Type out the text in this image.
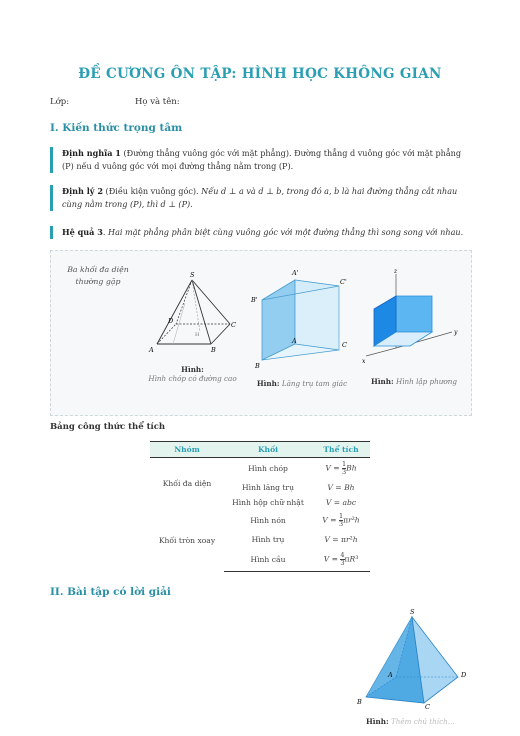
ĐỀ CƯƠNG ÔN TẬP: HÌNH HỌC KHÔNG GIAN
Lớp:	Họ và tên:
I. Kiến thức trọng tâm
Định nghĩa 1 (Đường thẳng vuông góc với mặt phẳng). Đường thẳng d vuông góc với mặt phẳng
(P) nếu d vuông góc với mọi đường thẳng nằm trong (P).
Định lý 2 (Điều kiện vuông góc). Nếu d ⊥ a và d ⊥ b, trong đó a, b là hai đường thẳng cắt nhau
cùng nằm trong (P), thì d ⊥ (P).
Hệ quả 3. Hai mặt phẳng phân biệt cùng vuông góc với một đường thẳng thì song song với nhau.
Ba khối đa diện
thường gặp
S
D	C
A	B
H
Hình:
Hình chóp có đường cao
A'
B'
C'
A
B
C
Hình: Lăng trụ tam giác
z
y
x
Hình: Hình lập phương
Bảng công thức thể tích
Nhóm	Khối	Thể tích
Khối đa diện	Hình chóp	$V = \frac{1}{3}$ Bh
	Hình lăng trụ	V = Bh
	Hình hộp chữ nhật	V = abc
Khối tròn xoay	Hình nón	$V = \frac{1}{3} \pi r^2h$
	Hình trụ	V = πr²h
	Hình cầu	$V = \frac{4}{3} \pi R^3$
II. Bài tập có lời giải
S
A	D
B
C
Hình: Thêm chú thích...
